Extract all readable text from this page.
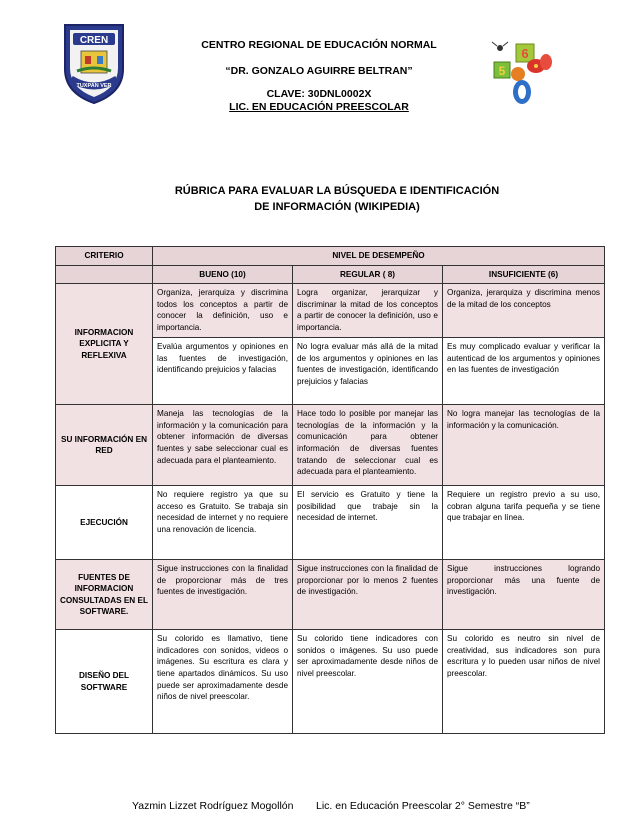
CREN
TUXPAN VER
5
6
CENTRO REGIONAL DE EDUCACIÓN NORMAL
“DR. GONZALO AGUIRRE BELTRAN”
CLAVE: 30DNL0002X
LIC. EN EDUCACIÓN PREESCOLAR
RÚBRICA PARA EVALUAR LA BÚSQUEDA E IDENTIFICACIÓN
DE INFORMACIÓN (WIKIPEDIA)
CRITERIO	NIVEL DE DESEMPEÑO		
	BUENO (10)	REGULAR ( 8)	INSUFICIENTE (6)
INFORMACION EXPLICITA Y REFLEXIVA	Organiza, jerarquiza y discrimina todos los conceptos a partir de conocer la definición, uso e importancia.	Logra organizar, jerarquizar y discriminar la mitad de los conceptos a partir de conocer la definición, uso e importancia.	Organiza, jerarquiza y discrimina menos de la mitad de los conceptos
	Evalúa argumentos y opiniones en las fuentes de investigación, identificando prejuicios y falacias	No logra evaluar más allá de la mitad de los argumentos y opiniones en las fuentes de investigación, identificando prejuicios y falacias	Es muy complicado evaluar y verificar la autenticad de los argumentos y opiniones en las fuentes de investigación
SU INFORMACIÓN EN RED	Maneja las tecnologías de la información y la comunicación para obtener información de diversas fuentes y sabe seleccionar cual es adecuada para el planteamiento.	Hace todo lo posible por manejar las tecnologías de la información y la comunicación para obtener información de diversas fuentes tratando de seleccionar cual es adecuada para el planteamiento.	No logra manejar las tecnologías de la información y la comunicación.
EJECUCIÓN	No requiere registro ya que su acceso es Gratuito. Se trabaja sin necesidad de internet y no requiere una renovación de licencia.	El servicio es Gratuito y tiene la posibilidad que trabaje sin la necesidad de internet.	Requiere un registro previo a su uso, cobran alguna tarifa pequeña y se tiene que trabajar en línea.
FUENTES DE INFORMACION CONSULTADAS EN EL SOFTWARE.	Sigue instrucciones con la finalidad de proporcionar más de tres fuentes de investigación.	Sigue instrucciones con la finalidad de proporcionar por lo menos 2 fuentes de investigación.	Sigue instrucciones logrando proporcionar más una fuente de investigación.
DISEÑO DEL SOFTWARE	Su colorido es llamativo, tiene indicadores con sonidos, videos o imágenes. Su escritura es clara y tiene apartados dinámicos. Su uso puede ser aproximadamente desde niños de nivel preescolar.	Su colorido tiene indicadores con sonidos o imágenes. Su uso puede ser aproximadamente desde niños de nivel preescolar.	Su colorido es neutro sin nivel de creatividad, sus indicadores son pura escritura y lo pueden usar niños de nivel preescolar.
Yazmin Lizzet Rodríguez Mogollón Lic. en Educación Preescolar 2° Semestre “B”
